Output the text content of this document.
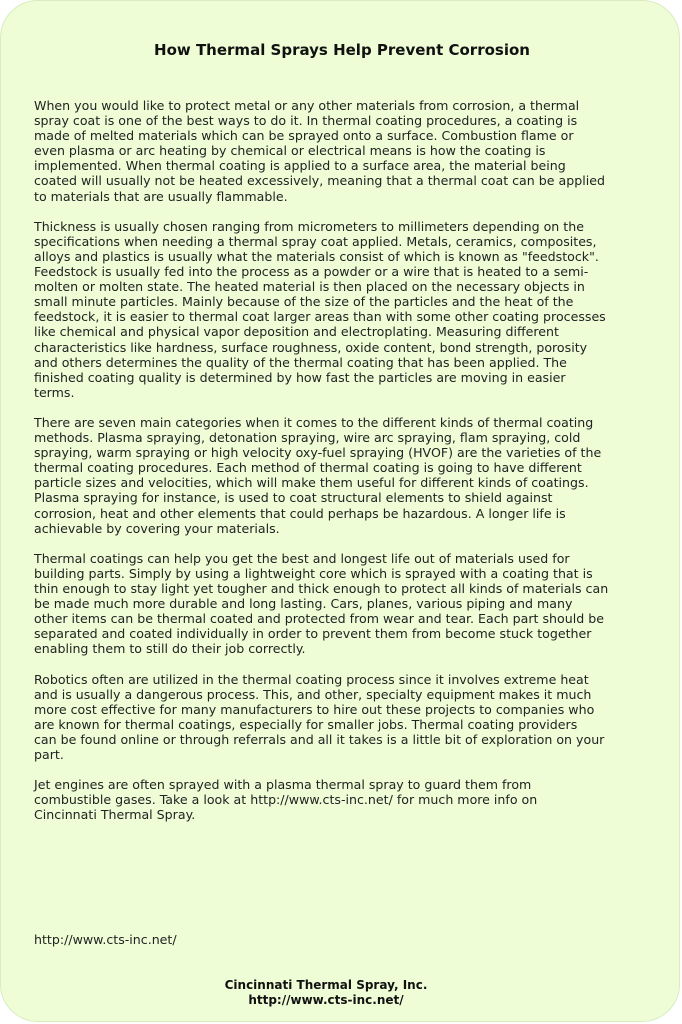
How Thermal Sprays Help Prevent Corrosion

When you would like to protect metal or any other materials from corrosion, a thermal
spray coat is one of the best ways to do it. In thermal coating procedures, a coating is
made of melted materials which can be sprayed onto a surface. Combustion flame or
even plasma or arc heating by chemical or electrical means is how the coating is
implemented. When thermal coating is applied to a surface area, the material being
coated will usually not be heated excessively, meaning that a thermal coat can be applied
to materials that are usually flammable.

Thickness is usually chosen ranging from micrometers to millimeters depending on the
specifications when needing a thermal spray coat applied. Metals, ceramics, composites,
alloys and plastics is usually what the materials consist of which is known as "feedstock".
Feedstock is usually fed into the process as a powder or a wire that is heated to a semi-
molten or molten state. The heated material is then placed on the necessary objects in
small minute particles. Mainly because of the size of the particles and the heat of the
feedstock, it is easier to thermal coat larger areas than with some other coating processes
like chemical and physical vapor deposition and electroplating. Measuring different
characteristics like hardness, surface roughness, oxide content, bond strength, porosity
and others determines the quality of the thermal coating that has been applied. The
finished coating quality is determined by how fast the particles are moving in easier
terms.

There are seven main categories when it comes to the different kinds of thermal coating
methods. Plasma spraying, detonation spraying, wire arc spraying, flam spraying, cold
spraying, warm spraying or high velocity oxy-fuel spraying (HVOF) are the varieties of the
thermal coating procedures. Each method of thermal coating is going to have different
particle sizes and velocities, which will make them useful for different kinds of coatings.
Plasma spraying for instance, is used to coat structural elements to shield against
corrosion, heat and other elements that could perhaps be hazardous. A longer life is
achievable by covering your materials.

Thermal coatings can help you get the best and longest life out of materials used for
building parts. Simply by using a lightweight core which is sprayed with a coating that is
thin enough to stay light yet tougher and thick enough to protect all kinds of materials can
be made much more durable and long lasting. Cars, planes, various piping and many
other items can be thermal coated and protected from wear and tear. Each part should be
separated and coated individually in order to prevent them from become stuck together
enabling them to still do their job correctly.

Robotics often are utilized in the thermal coating process since it involves extreme heat
and is usually a dangerous process. This, and other, specialty equipment makes it much
more cost effective for many manufacturers to hire out these projects to companies who
are known for thermal coatings, especially for smaller jobs. Thermal coating providers
can be found online or through referrals and all it takes is a little bit of exploration on your
part.

Jet engines are often sprayed with a plasma thermal spray to guard them from
combustible gases. Take a look at http://www.cts-inc.net/ for much more info on
Cincinnati Thermal Spray.

http://www.cts-inc.net/
Cincinnati Thermal Spray, Inc.
http://www.cts-inc.net/
